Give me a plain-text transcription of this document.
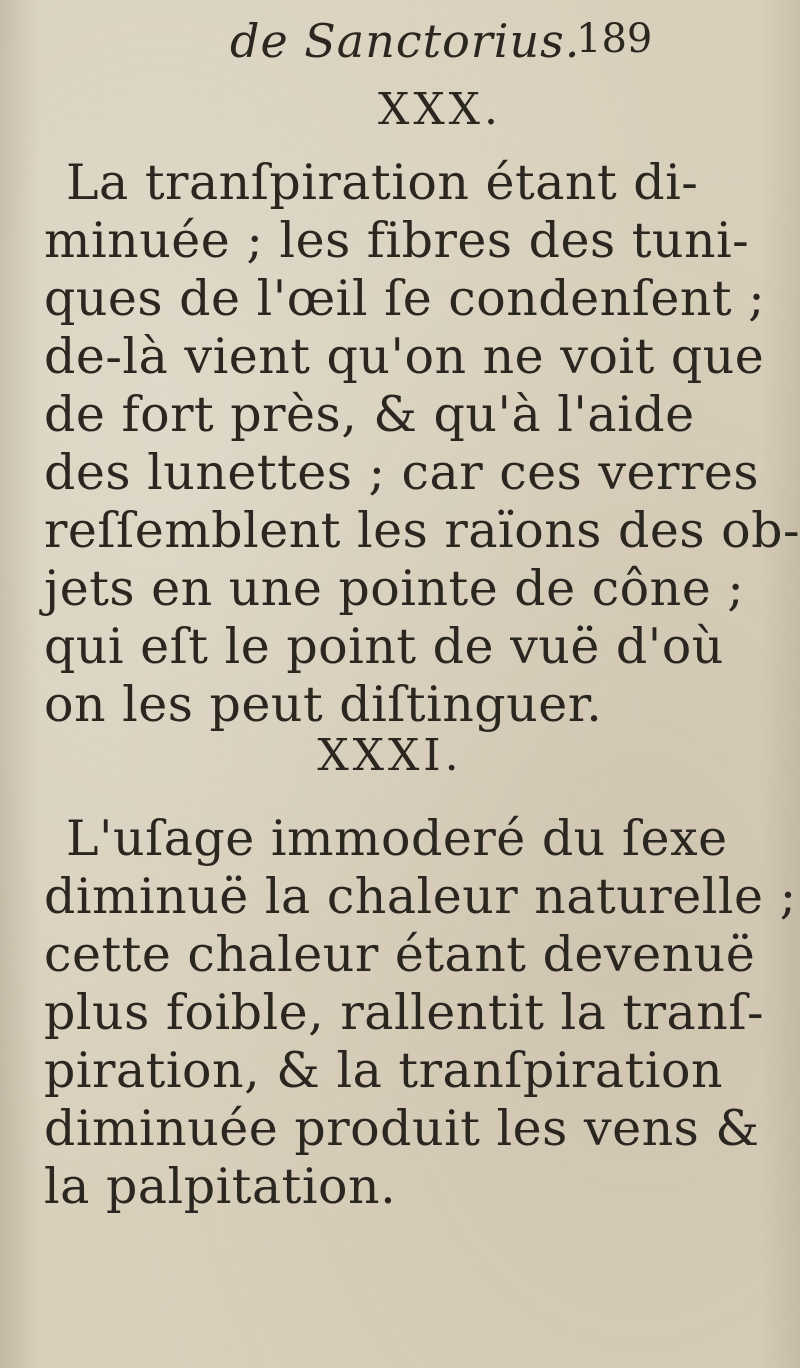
de Sanctorius.
189
XXX.
La tranſpiration étant di-
minuée ; les fibres des tuni-
ques de l'œil ſe condenſent ;
de-là vient qu'on ne voit que
de fort près, & qu'à l'aide
des lunettes ; car ces verres
reſſemblent les raïons des ob-
jets en une pointe de cône ;
qui eſt le point de vuë d'où
on les peut diſtinguer.
XXXI.
L'uſage immoderé du ſexe
diminuë la chaleur naturelle ;
cette chaleur étant devenuë
plus foible, rallentit la tranſ-
piration, & la tranſpiration
diminuée produit les vens &
la palpitation.
